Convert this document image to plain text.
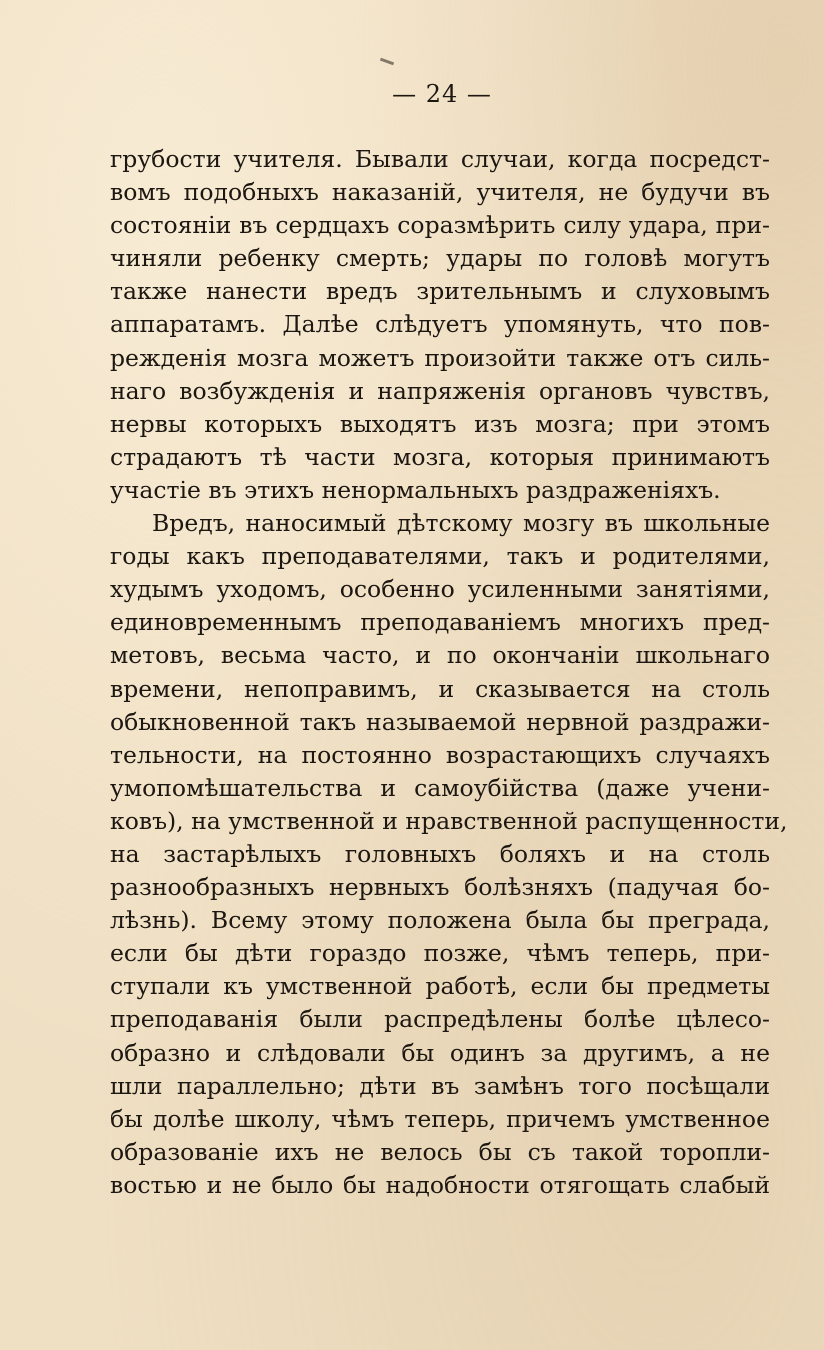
— 24 —
грубости учителя. Бывали случаи, когда посредст-
вомъ подобныхъ наказаній, учителя, не будучи въ
состояніи въ сердцахъ соразмѣрить силу удара, при-
чиняли ребенку смерть; удары по головѣ могутъ
также нанести вредъ зрительнымъ и слуховымъ
аппаратамъ. Далѣе слѣдуетъ упомянуть, что пов-
режденія мозга можетъ произойти также отъ силь-
наго возбужденія и напряженія органовъ чувствъ,
нервы которыхъ выходятъ изъ мозга; при этомъ
страдаютъ тѣ части мозга, которыя принимаютъ
участіе въ этихъ ненормальныхъ раздраженіяхъ.
Вредъ, наносимый дѣтскому мозгу въ школьные
годы какъ преподавателями, такъ и родителями,
худымъ уходомъ, особенно усиленными занятіями,
единовременнымъ преподаваніемъ многихъ пред-
метовъ, весьма часто, и по окончаніи школьнаго
времени, непоправимъ, и сказывается на столь
обыкновенной такъ называемой нервной раздражи-
тельности, на постоянно возрастающихъ случаяхъ
умопомѣшательства и самоубійства (даже учени-
ковъ), на умственной и нравственной распущенности,
на застарѣлыхъ головныхъ боляхъ и на столь
разнообразныхъ нервныхъ болѣзняхъ (падучая бо-
лѣзнь). Всему этому положена была бы преграда,
если бы дѣти гораздо позже, чѣмъ теперь, при-
ступали къ умственной работѣ, если бы предметы
преподаванія были распредѣлены болѣе цѣлесо-
образно и слѣдовали бы одинъ за другимъ, а не
шли параллельно; дѣти въ замѣнъ того посѣщали
бы долѣе школу, чѣмъ теперь, причемъ умственное
образованіе ихъ не велось бы съ такой торопли-
востью и не было бы надобности отягощать слабый
